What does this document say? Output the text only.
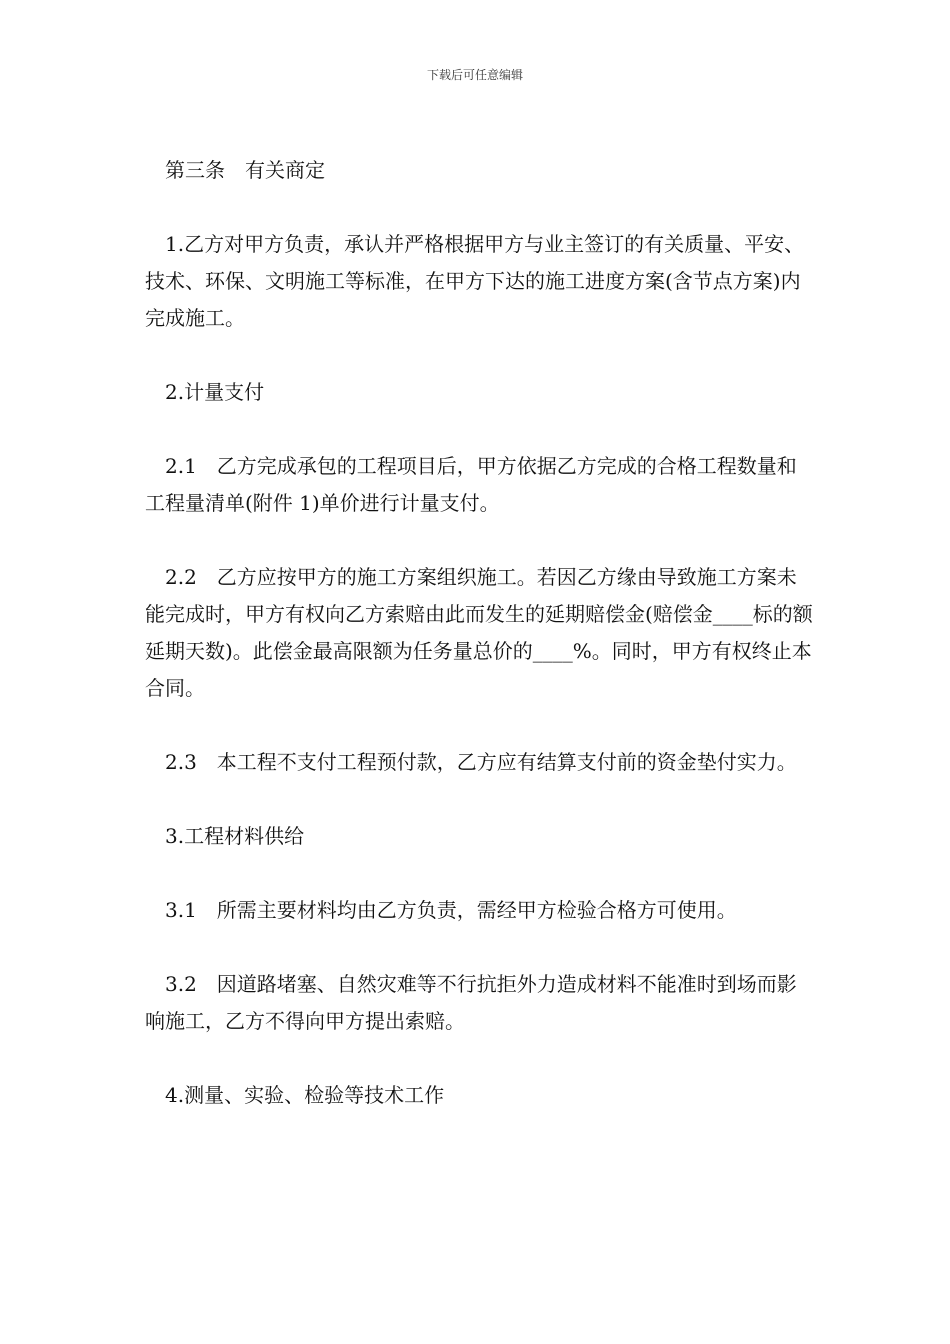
下载后可任意编辑

第三条　有关商定

1.乙方对甲方负责，承认并严格根据甲方与业主签订的有关质量、平安、技术、环保、文明施工等标准，在甲方下达的施工进度方案(含节点方案)内完成施工。

2.计量支付

2.1　乙方完成承包的工程项目后，甲方依据乙方完成的合格工程数量和工程量清单(附件 1)单价进行计量支付。

2.2　乙方应按甲方的施工方案组织施工。若因乙方缘由导致施工方案未能完成时，甲方有权向乙方索赔由此而发生的延期赔偿金(赔偿金____标的额延期天数)。此偿金最高限额为任务量总价的____%。同时，甲方有权终止本合同。

2.3　本工程不支付工程预付款，乙方应有结算支付前的资金垫付实力。

3.工程材料供给

3.1　所需主要材料均由乙方负责，需经甲方检验合格方可使用。

3.2　因道路堵塞、自然灾难等不行抗拒外力造成材料不能准时到场而影响施工，乙方不得向甲方提出索赔。

4.测量、实验、检验等技术工作
